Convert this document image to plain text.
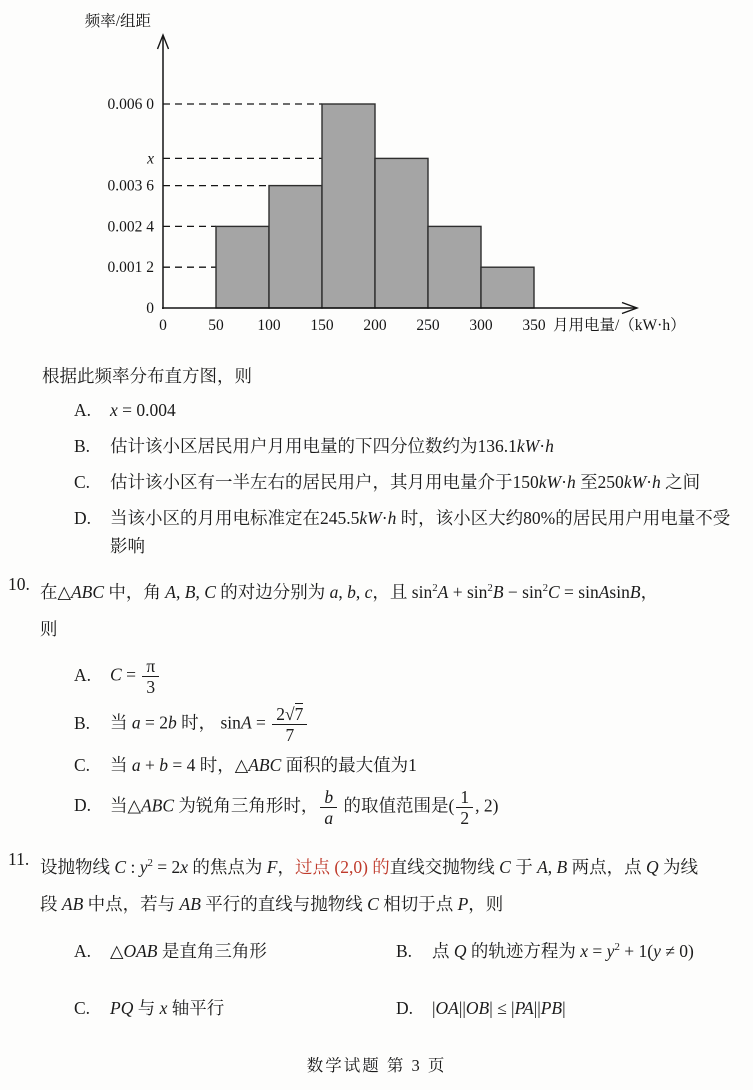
0.006 0
x
0.003 6
0.002 4
0.001 2
0
0	50 100 150 200 250 300 350
频率/组距
月用电量/（kW·h）
根据此频率分布直方图，则
A.	x = 0.004
B.	估计该小区居民用户月用电量的下四分位数约为136.1kW·h
C.	估计该小区有一半左右的居民用户，其月用电量介于150kW·h 至250kW·h 之间
D.	当该小区的月用电标准定在245.5kW·h 时，该小区大约80%的居民用户用电量不受
影响
10. 在△ABC 中，角 A, B, C 的对边分别为 a, b, c，且 $\sin^2A + \sin^2B - \sin^2C$ = sinAsinB，
则
A.	$C = \frac{\pi}{3}$
B.	当 a = 2b 时， $\sin A = \frac{2√7}{7}$
C.	当 a + b = 4 时，△ABC 面积的最大值为1
D.	当△ABC 为锐角三角形时， $\frac{b}{a}$ 的取值范围是( $\frac{1}{2}$ , 2)
11. 设抛物线 C : $y^2 = 2x$ 的焦点为 F，过点 (2,0) 的直线交抛物线 C 于 A, B 两点，点 Q 为线
段 AB 中点，若与 AB 平行的直线与抛物线 C 相切于点 P，则
A.	△OAB 是直角三角形	B.	点 Q 的轨迹方程为 $x = y^2 + 1(y \ne 0)$
C.	PQ 与 x 轴平行	D.	|OA||OB| ≤ |PA||PB|
数学试题 第 3 页
